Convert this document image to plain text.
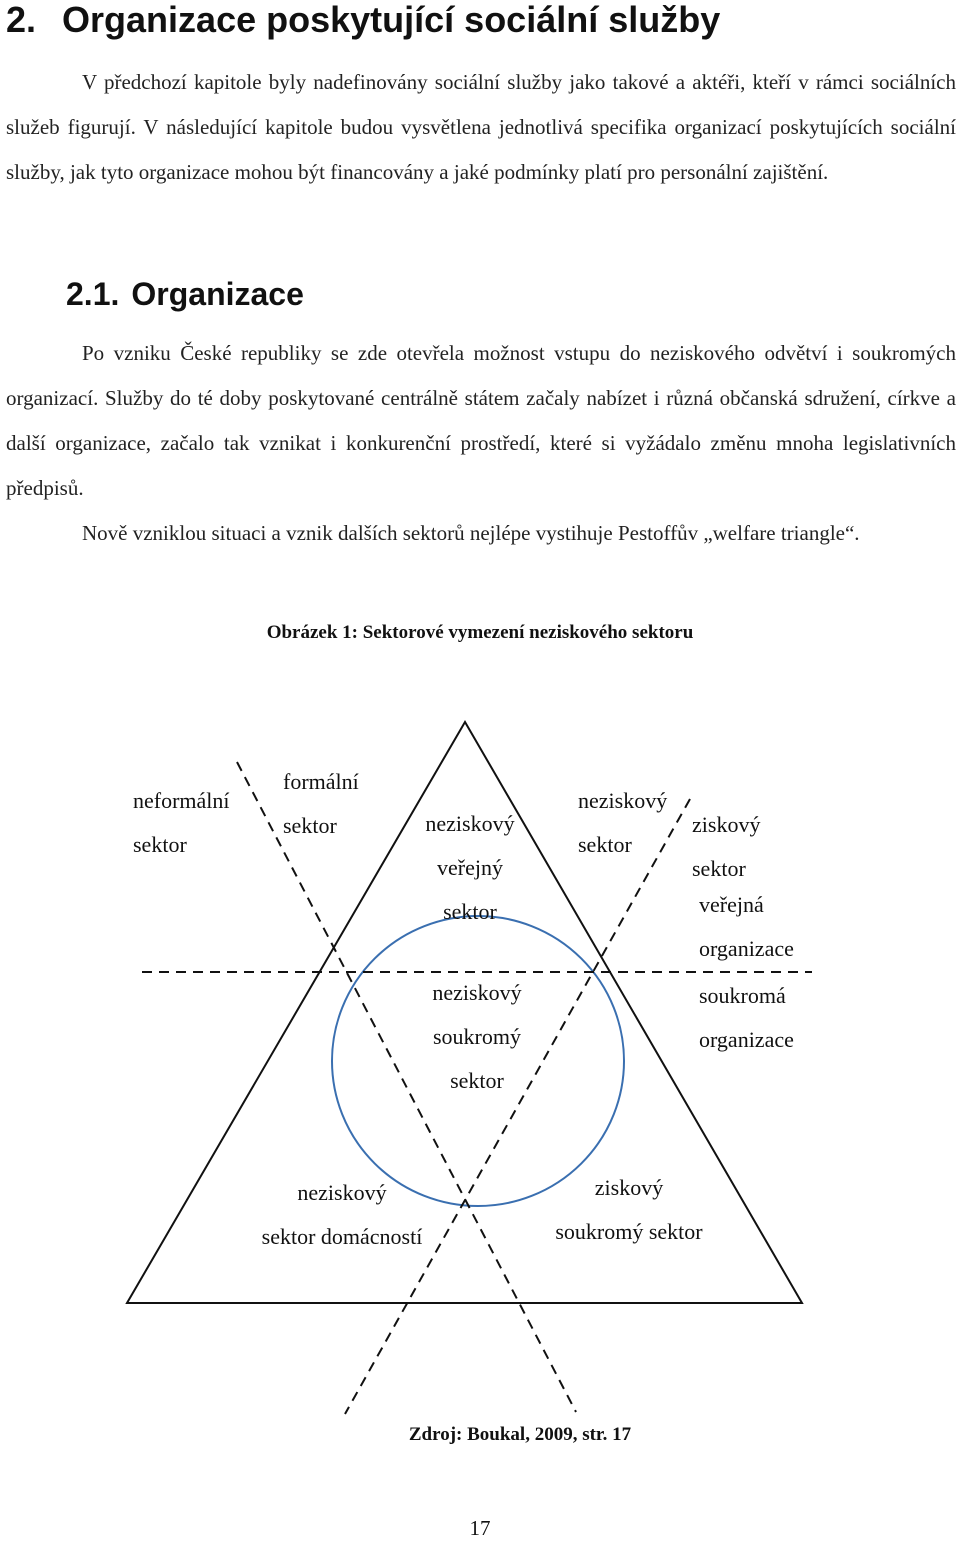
2. Organizace poskytující sociální služby

V předchozí kapitole byly nadefinovány sociální služby jako takové a aktéři, kteří v rámci sociálních služeb figurují. V následující kapitole budou vysvětlena jednotlivá specifika organizací poskytujících sociální služby, jak tyto organizace mohou být financovány a jaké podmínky platí pro personální zajištění.

2.1. Organizace

Po vzniku České republiky se zde otevřela možnost vstupu do neziskového odvětví i soukromých organizací. Služby do té doby poskytované centrálně státem začaly nabízet i různá občanská sdružení, církve a další organizace, začalo tak vznikat i konkurenční prostředí, které si vyžádalo změnu mnoha legislativních předpisů.

Nově vzniklou situaci a vznik dalších sektorů nejlépe vystihuje Pestoffův „welfare triangle“.

Obrázek 1: Sektorové vymezení neziskového sektoru

neformální
sektor
formální
sektor	neziskový
veřejný
sektor
neziskový
sektor
ziskový
sektor
veřejná
organizace
soukromá
organizace
neziskový
soukromý
sektor
neziskový
sektor domácností
ziskový
soukromý sektor

Zdroj: Boukal, 2009, str. 17

17
